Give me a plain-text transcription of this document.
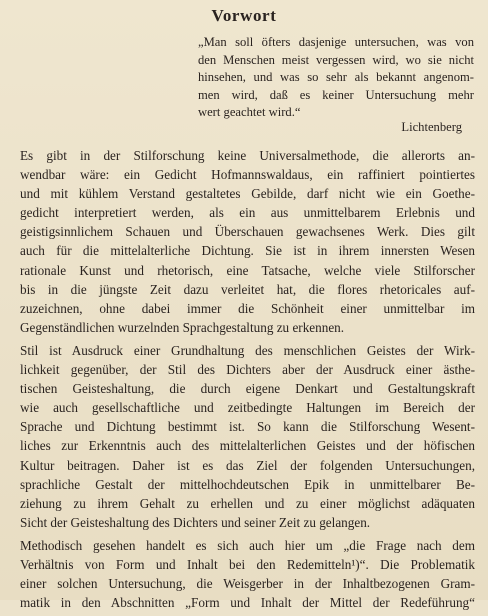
Vorwort
„Man soll öfters dasjenige untersuchen, was von
den Menschen meist vergessen wird, wo sie nicht
hinsehen, und was so sehr als bekannt angenom-
men wird, daß es keiner Untersuchung mehr
wert geachtet wird.“
Lichtenberg
Es gibt in der Stilforschung keine Universalmethode, die allerorts an-
wendbar wäre: ein Gedicht Hofmannswaldaus, ein raffiniert pointiertes
und mit kühlem Verstand gestaltetes Gebilde, darf nicht wie ein Goethe-
gedicht interpretiert werden, als ein aus unmittelbarem Erlebnis und
geistigsinnlichem Schauen und Überschauen gewachsenes Werk. Dies gilt
auch für die mittelalterliche Dichtung. Sie ist in ihrem innersten Wesen
rationale Kunst und rhetorisch, eine Tatsache, welche viele Stilforscher
bis in die jüngste Zeit dazu verleitet hat, die flores rhetoricales auf-
zuzeichnen, ohne dabei immer die Schönheit einer unmittelbar im
Gegenständlichen wurzelnden Sprachgestaltung zu erkennen.
Stil ist Ausdruck einer Grundhaltung des menschlichen Geistes der Wirk-
lichkeit gegenüber, der Stil des Dichters aber der Ausdruck einer ästhe-
tischen Geisteshaltung, die durch eigene Denkart und Gestaltungskraft
wie auch gesellschaftliche und zeitbedingte Haltungen im Bereich der
Sprache und Dichtung bestimmt ist. So kann die Stilforschung Wesent-
liches zur Erkenntnis auch des mittelalterlichen Geistes und der höfischen
Kultur beitragen. Daher ist es das Ziel der folgenden Untersuchungen,
sprachliche Gestalt der mittelhochdeutschen Epik in unmittelbarer Be-
ziehung zu ihrem Gehalt zu erhellen und zu einer möglichst adäquaten
Sicht der Geisteshaltung des Dichters und seiner Zeit zu gelangen.
Methodisch gesehen handelt es sich auch hier um „die Frage nach dem
Verhältnis von Form und Inhalt bei den Redemitteln¹)“. Die Problematik
einer solchen Untersuchung, die Weisgerber in der Inhaltbezogenen Gram-
matik in den Abschnitten „Form und Inhalt der Mittel der Redeführung“
